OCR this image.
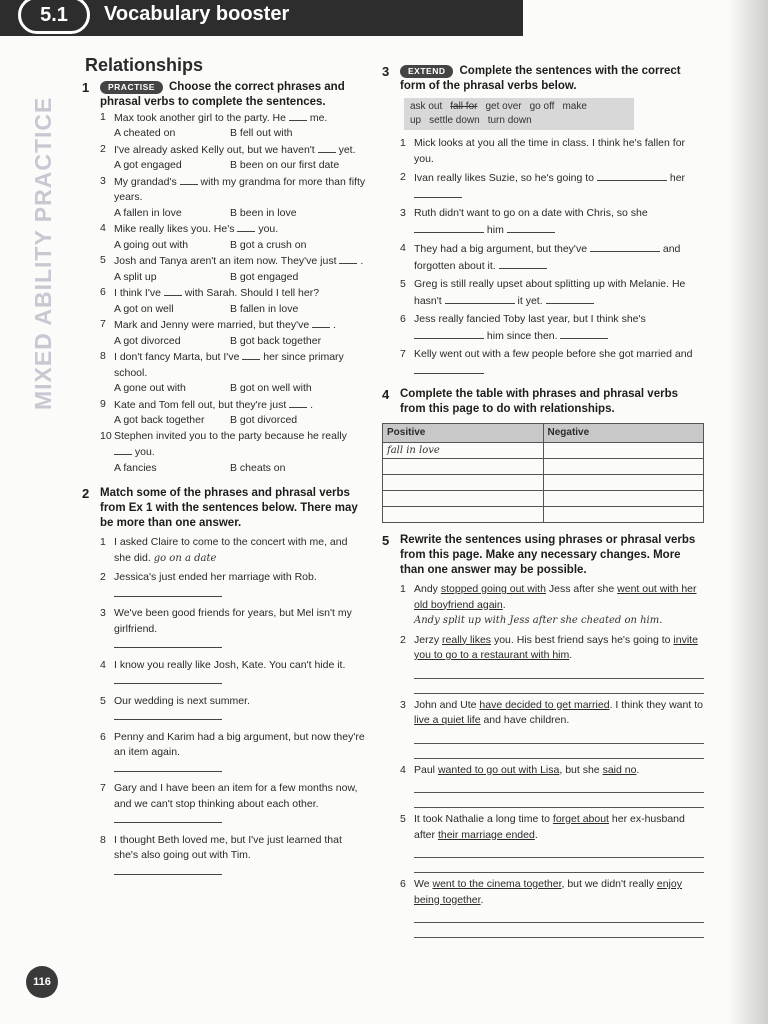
5.1	Vocabulary booster
MIXED ABILITY PRACTICE
Relationships
1 PRACTISE Choose the correct phrases and phrasal verbs to complete the sentences.
1 Max took another girl to the party. He me.
A cheated on	B fell out with
2 I've already asked Kelly out, but we haven't yet.
A got engaged	B been on our first date
3 My grandad's with my grandma for more than fifty years.
A fallen in love	B been in love
4 Mike really likes you. He's you.
A going out with	B got a crush on
5 Josh and Tanya aren't an item now. They've just .
A split up	B got engaged
6 I think I've with Sarah. Should I tell her?
A got on well	B fallen in love
7 Mark and Jenny were married, but they've .
A got divorced	B got back together
8 I don't fancy Marta, but I've her since primary school.
A gone out with	B got on well with
9 Kate and Tom fell out, but they're just .
A got back together	B got divorced
10 Stephen invited you to the party because he really  you.
A fancies	B cheats on
2 Match some of the phrases and phrasal verbs from Ex 1 with the sentences below. There may be more than one answer.
1 I asked Claire to come to the concert with me, and she did. go on a date
2 Jessica's just ended her marriage with Rob.

3 We've been good friends for years, but Mel isn't my girlfriend.

4 I know you really like Josh, Kate. You can't hide it.

5 Our wedding is next summer.

6 Penny and Karim had a big argument, but now they're an item again.

7 Gary and I have been an item for a few months now, and we can't stop thinking about each other.

8 I thought Beth loved me, but I've just learned that she's also going out with Tim.

3 EXTEND Complete the sentences with the correct form of the phrasal verbs below.
ask out fall for get over go off make up settle down turn down
1 Mick looks at you all the time in class. I think he's fallen for you.
2 Ivan really likes Suzie, so he's going to	her
3 Ruth didn't want to go on a date with Chris, so she  him
4 They had a big argument, but they've	and forgotten about it.
5 Greg is still really upset about splitting up with Melanie. He hasn't	it yet.
6 Jess really fancied Toby last year, but I think she's  him since then.
7 Kelly went out with a few people before she got married and
4 Complete the table with phrases and phrasal verbs from this page to do with relationships.
Positive	Negative
fall in love	

5 Rewrite the sentences using phrases or phrasal verbs from this page. Make any necessary changes. More than one answer may be possible.
1 Andy stopped going out with Jess after she went out with her old boyfriend again.
Andy split up with Jess after she cheated on him.
2 Jerzy really likes you. His best friend says he's going to invite you to go to a restaurant with him.
3 John and Ute have decided to get married. I think they want to live a quiet life and have children.
4 Paul wanted to go out with Lisa, but she said no.
5 It took Nathalie a long time to forget about her ex-husband after their marriage ended.
6 We went to the cinema together, but we didn't really enjoy being together.
116
